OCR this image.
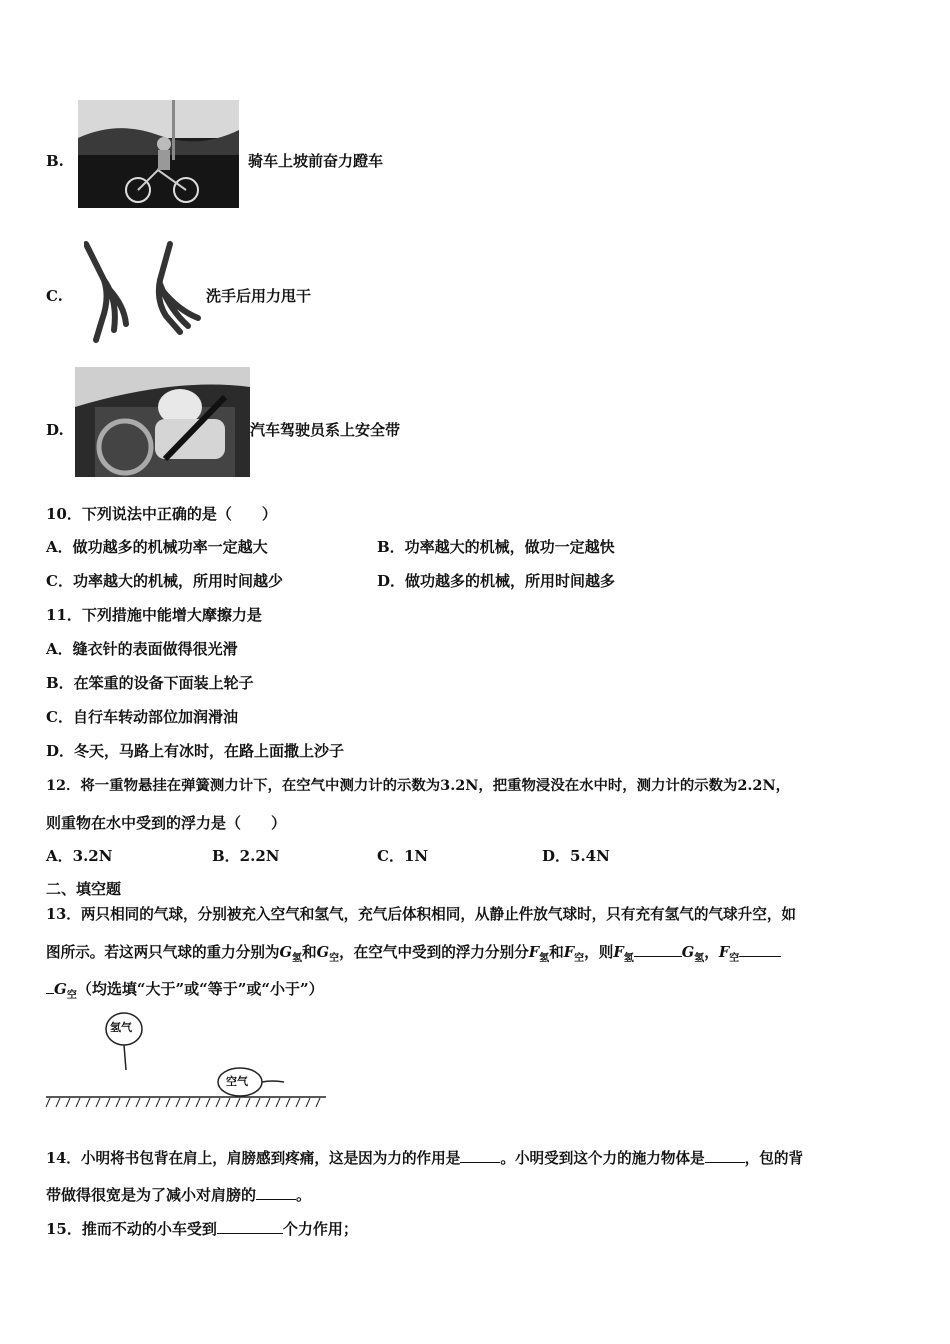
B.	骑车上坡前奋力蹬车
C.	洗手后用力甩干
D.	汽车驾驶员系上安全带
10．下列说法中正确的是（　　）
A．做功越多的机械功率一定越大	B．功率越大的机械，做功一定越快
C．功率越大的机械，所用时间越少	D．做功越多的机械，所用时间越多
11．下列措施中能增大摩擦力是
A．缝衣针的表面做得很光滑
B．在笨重的设备下面装上轮子
C．自行车转动部位加润滑油
D．冬天，马路上有冰时，在路上面撒上沙子
12．将一重物悬挂在弹簧测力计下，在空气中测力计的示数为3.2N，把重物浸没在水中时，测力计的示数为2.2N，
则重物在水中受到的浮力是（　　）
A．3.2N	B．2.2N	C．1N	D．5.4N
二、填空题
13．两只相同的气球，分别被充入空气和氢气，充气后体积相同，从静止件放气球时，只有充有氢气的气球升空，如
图所示。若这两只气球的重力分别为$G_氢$和$G_空$，在空气中受到的浮力分别分$F_氢$和$F_空$，则$F_氢$	$G_氢$，$F_空$
$G_空$（均选填“大于”或“等于”或“小于”）
氢气
空气
14．小明将书包背在肩上，肩膀感到疼痛，这是因为力的作用是	。小明受到这个力的施力物体是	，包的背
带做得很宽是为了减小对肩膀的	。
15．推而不动的小车受到	个力作用；
